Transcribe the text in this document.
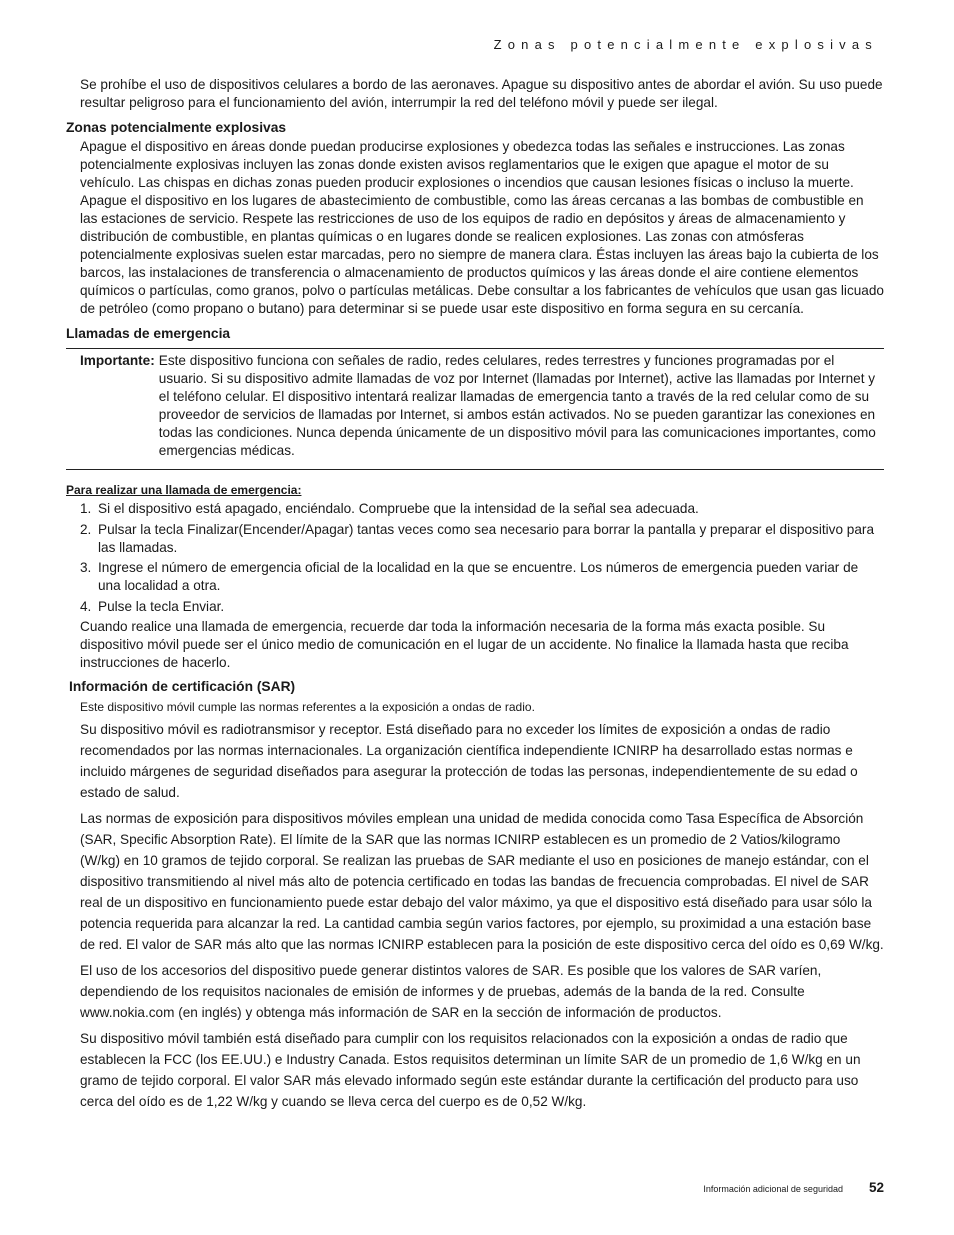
Zonas potencialmente explosivas

Se prohíbe el uso de dispositivos celulares a bordo de las aeronaves. Apague su dispositivo antes de abordar el avión. Su uso puede resultar peligroso para el funcionamiento del avión, interrumpir la red del teléfono móvil y puede ser ilegal.

Zonas potencialmente explosivas

Apague el dispositivo en áreas donde puedan producirse explosiones y obedezca todas las señales e instrucciones. Las zonas potencialmente explosivas incluyen las zonas donde existen avisos reglamentarios que le exigen que apague el motor de su vehículo. Las chispas en dichas zonas pueden producir explosiones o incendios que causan lesiones físicas o incluso la muerte. Apague el dispositivo en los lugares de abastecimiento de combustible, como las áreas cercanas a las bombas de combustible en las estaciones de servicio. Respete las restricciones de uso de los equipos de radio en depósitos y áreas de almacenamiento y distribución de combustible, en plantas químicas o en lugares donde se realicen explosiones. Las zonas con atmósferas potencialmente explosivas suelen estar marcadas, pero no siempre de manera clara. Éstas incluyen las áreas bajo la cubierta de los barcos, las instalaciones de transferencia o almacenamiento de productos químicos y las áreas donde el aire contiene elementos químicos o partículas, como granos, polvo o partículas metálicas. Debe consultar a los fabricantes de vehículos que usan gas licuado de petróleo (como propano o butano) para determinar si se puede usar este dispositivo en forma segura en su cercanía.

Llamadas de emergencia
Importante: Este dispositivo funciona con señales de radio, redes celulares, redes terrestres y funciones programadas por el usuario. Si su dispositivo admite llamadas de voz por Internet (llamadas por Internet), active las llamadas por Internet y el teléfono celular. El dispositivo intentará realizar llamadas de emergencia tanto a través de la red celular como de su proveedor de servicios de llamadas por Internet, si ambos están activados. No se pueden garantizar las conexiones en todas las condiciones. Nunca dependa únicamente de un dispositivo móvil para las comunicaciones importantes, como emergencias médicas.
Para realizar una llamada de emergencia:
1. Si el dispositivo está apagado, enciéndalo. Compruebe que la intensidad de la señal sea adecuada.
2. Pulsar la tecla Finalizar(Encender/Apagar) tantas veces como sea necesario para borrar la pantalla y preparar el dispositivo para las llamadas.
3. Ingrese el número de emergencia oficial de la localidad en la que se encuentre. Los números de emergencia pueden variar de una localidad a otra.
4. Pulse la tecla Enviar.

Cuando realice una llamada de emergencia, recuerde dar toda la información necesaria de la forma más exacta posible. Su dispositivo móvil puede ser el único medio de comunicación en el lugar de un accidente. No finalice la llamada hasta que reciba instrucciones de hacerlo.

Información de certificación (SAR)

Este dispositivo móvil cumple las normas referentes a la exposición a ondas de radio.

Su dispositivo móvil es radiotransmisor y receptor. Está diseñado para no exceder los límites de exposición a ondas de radio recomendados por las normas internacionales. La organización científica independiente ICNIRP ha desarrollado estas normas e incluido márgenes de seguridad diseñados para asegurar la protección de todas las personas, independientemente de su edad o estado de salud.

Las normas de exposición para dispositivos móviles emplean una unidad de medida conocida como Tasa Específica de Absorción (SAR, Specific Absorption Rate). El límite de la SAR que las normas ICNIRP establecen es un promedio de 2 Vatios/kilogramo (W/kg) en 10 gramos de tejido corporal. Se realizan las pruebas de SAR mediante el uso en posiciones de manejo estándar, con el dispositivo transmitiendo al nivel más alto de potencia certificado en todas las bandas de frecuencia comprobadas. El nivel de SAR real de un dispositivo en funcionamiento puede estar debajo del valor máximo, ya que el dispositivo está diseñado para usar sólo la potencia requerida para alcanzar la red. La cantidad cambia según varios factores, por ejemplo, su proximidad a una estación base de red. El valor de SAR más alto que las normas ICNIRP establecen para la posición de este dispositivo cerca del oído es 0,69 W/kg.

El uso de los accesorios del dispositivo puede generar distintos valores de SAR. Es posible que los valores de SAR varíen, dependiendo de los requisitos nacionales de emisión de informes y de pruebas, además de la banda de la red. Consulte www.nokia.com (en inglés) y obtenga más información de SAR en la sección de información de productos.

Su dispositivo móvil también está diseñado para cumplir con los requisitos relacionados con la exposición a ondas de radio que establecen la FCC (los EE.UU.) e Industry Canada. Estos requisitos determinan un límite SAR de un promedio de 1,6 W/kg en un gramo de tejido corporal. El valor SAR más elevado informado según este estándar durante la certificación del producto para uso cerca del oído es de 1,22 W/kg y cuando se lleva cerca del cuerpo es de 0,52 W/kg.

Información adicional de seguridad 52
